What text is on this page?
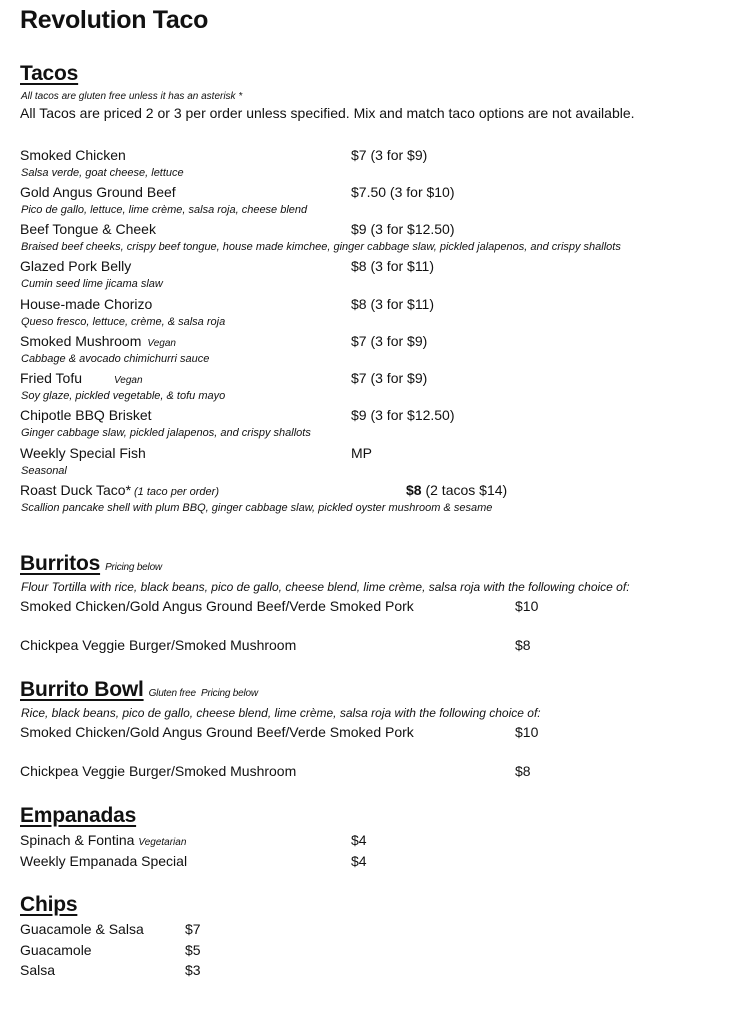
Revolution Taco
Tacos
All tacos are gluten free unless it has an asterisk *
All Tacos are priced 2 or 3 per order unless specified. Mix and match taco options are not available.
Smoked Chicken	$7 (3 for $9)
Salsa verde, goat cheese, lettuce
Gold Angus Ground Beef	$7.50 (3 for $10)
Pico de gallo, lettuce, lime crème, salsa roja, cheese blend
Beef Tongue & Cheek	$9 (3 for $12.50)
Braised beef cheeks, crispy beef tongue, house made kimchee, ginger cabbage slaw, pickled jalapenos, and crispy shallots
Glazed Pork Belly	$8 (3 for $11)
Cumin seed lime jicama slaw
House-made Chorizo	$8 (3 for $11)
Queso fresco, lettuce, crème, & salsa roja
Smoked Mushroom Vegan	$7 (3 for $9)
Cabbage & avocado chimichurri sauce
Fried Tofu	Vegan	$7 (3 for $9)
Soy glaze, pickled vegetable, & tofu mayo
Chipotle BBQ Brisket	$9 (3 for $12.50)
Ginger cabbage slaw, pickled jalapenos, and crispy shallots
Weekly Special Fish	MP
Seasonal
Roast Duck Taco* (1 taco per order)	$8 (2 tacos $14)
Scallion pancake shell with plum BBQ, ginger cabbage slaw, pickled oyster mushroom & sesame
Burritos Pricing below
Flour Tortilla with rice, black beans, pico de gallo, cheese blend, lime crème, salsa roja with the following choice of:
Smoked Chicken/Gold Angus Ground Beef/Verde Smoked Pork	$10
Chickpea Veggie Burger/Smoked Mushroom	$8
Burrito Bowl Gluten free  Pricing below
Rice, black beans, pico de gallo, cheese blend, lime crème, salsa roja with the following choice of:
Smoked Chicken/Gold Angus Ground Beef/Verde Smoked Pork	$10
Chickpea Veggie Burger/Smoked Mushroom	$8
Empanadas
Spinach & Fontina Vegetarian	$4
Weekly Empanada Special	$4
Chips
Guacamole & Salsa	$7
Guacamole	$5
Salsa	$3
